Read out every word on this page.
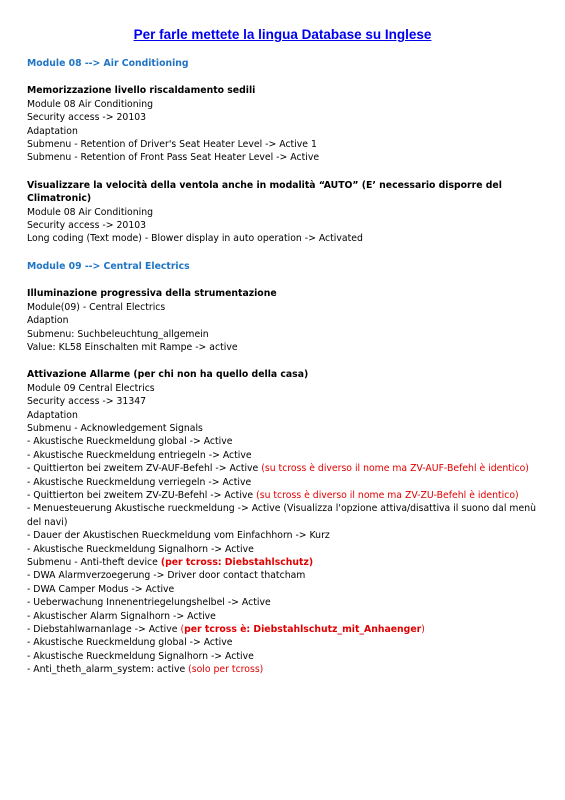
Per farle mettete la lingua Database su Inglese
Module 08 --> Air Conditioning
Memorizzazione livello riscaldamento sedili
Module 08 Air Conditioning
Security access -> 20103
Adaptation
Submenu - Retention of Driver's Seat Heater Level -> Active 1
Submenu - Retention of Front Pass Seat Heater Level -> Active
Visualizzare la velocità della ventola anche in modalità “AUTO” (E’ necessario disporre del Climatronic)
Module 08 Air Conditioning
Security access -> 20103
Long coding (Text mode) - Blower display in auto operation -> Activated
Module 09 --> Central Electrics
Illuminazione progressiva della strumentazione
Module(09) - Central Electrics
Adaption
Submenu: Suchbeleuchtung_allgemein
Value: KL58 Einschalten mit Rampe -> active
Attivazione Allarme (per chi non ha quello della casa)
Module 09 Central Electrics
Security access -> 31347
Adaptation
Submenu - Acknowledgement Signals
- Akustische Rueckmeldung global -> Active
- Akustische Rueckmeldung entriegeln -> Active
- Quittierton bei zweitem ZV-AUF-Befehl -> Active (su tcross è diverso il nome ma ZV-AUF-Befehl è identico)
- Akustische Rueckmeldung verriegeln -> Active
- Quittierton bei zweitem ZV-ZU-Befehl -> Active (su tcross è diverso il nome ma ZV-ZU-Befehl è identico)
- Menuesteuerung Akustische rueckmeldung -> Active (Visualizza l'opzione attiva/disattiva il suono dal menù del navi)
- Dauer der Akustischen Rueckmeldung vom Einfachhorn -> Kurz
- Akustische Rueckmeldung Signalhorn -> Active
Submenu - Anti-theft device (per tcross: Diebstahlschutz)
- DWA Alarmverzoegerung -> Driver door contact thatcham
- DWA Camper Modus -> Active
- Ueberwachung Innenentriegelungshelbel -> Active
- Akustischer Alarm Signalhorn -> Active
- Diebstahlwarnanlage -> Active (per tcross è: Diebstahlschutz_mit_Anhaenger)
- Akustische Rueckmeldung global -> Active
- Akustische Rueckmeldung Signalhorn -> Active
- Anti_theth_alarm_system: active (solo per tcross)
